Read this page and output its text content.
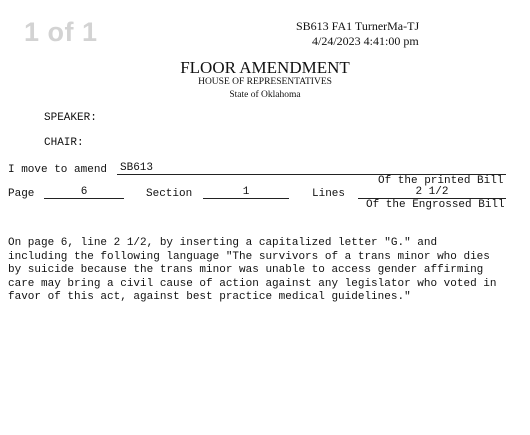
1 of 1	SB613 FA1 TurnerMa-TJ
4/24/2023 4:41:00 pm
FLOOR AMENDMENT
HOUSE OF REPRESENTATIVES
State of Oklahoma
SPEAKER:
CHAIR:
I move to amend SB613
Of the printed Bill
Page	6	Section	1	Lines	2 1/2
Of the Engrossed Bill
On page 6, line 2 1/2, by inserting a capitalized letter "G." and
including the following language "The survivors of a trans minor who dies
by suicide because the trans minor was unable to access gender affirming
care may bring a civil cause of action against any legislator who voted in
favor of this act, against best practice medical guidelines."
